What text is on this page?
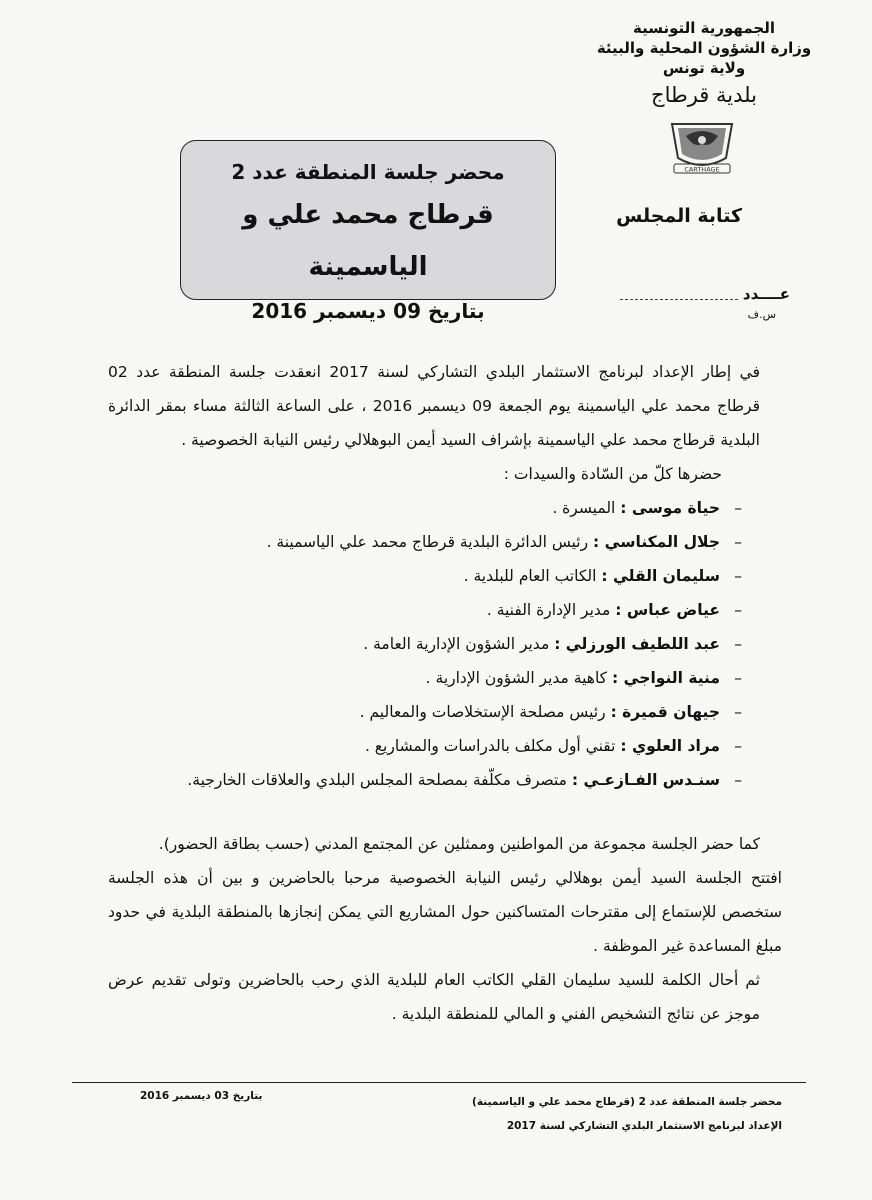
الجمهورية التونسية
وزارة الشؤون المحلية والبيئة
ولاية تونس
بلدية قرطاج
CARTHAGE
كتابة المجلس
محضر جلسة المنطقة عدد 2
قرطاج محمد علي و الياسمينة
بتاريخ 09 ديسمبر 2016
عــــدد
س.ف

في إطار الإعداد لبرنامج الاستثمار البلدي التشاركي لسنة 2017 انعقدت جلسة المنطقة عدد 02 قرطاج محمد علي الياسمينة يوم الجمعة 09 ديسمبر 2016 ، على الساعة الثالثة مساء بمقر الدائرة البلدية قرطاج محمد علي الياسمينة بإشراف السيد أيمن البوهلالي رئيس النيابة الخصوصية .

حضرها كلّ من السّادة والسيدات :

–حياة موسى : الميسرة .
–جلال المكناسي : رئيس الدائرة البلدية قرطاج محمد علي الياسمينة .
–سليمان القلي : الكاتب العام للبلدية .
–عياض عباس : مدير الإدارة الفنية .
–عبد اللطيف الورزلي : مدير الشؤون الإدارية العامة .
–منية النواجي : كاهية مدير الشؤون الإدارية .
–جيهان قميرة : رئيس مصلحة الإستخلاصات والمعاليم .
–مراد العلوي : تقني أول مكلف بالدراسات والمشاريع .
–سنـدس الفـازعـي : متصرف مكلّفة بمصلحة المجلس البلدي والعلاقات الخارجية.

كما حضر الجلسة مجموعة من المواطنين وممثلين عن المجتمع المدني (حسب بطاقة الحضور).

افتتح الجلسة السيد أيمن بوهلالي رئيس النيابة الخصوصية مرحبا بالحاضرين و بين أن هذه الجلسة ستخصص للإستماع إلى مقترحات المتساكنين حول المشاريع التي يمكن إنجازها بالمنطقة البلدية في حدود مبلغ المساعدة غير الموظفة .

ثم أحال الكلمة للسيد سليمان القلي الكاتب العام للبلدية الذي رحب بالحاضرين وتولى تقديم عرض موجز عن نتائج التشخيص الفني و المالي للمنطقة البلدية .

بتاريخ 03 ديسمبر 2016	محضر جلسة المنطقة عدد 2 (قرطاج محمد علي و الياسمينة)
الإعداد لبرنامج الاستثمار البلدي التشاركي لسنة 2017
